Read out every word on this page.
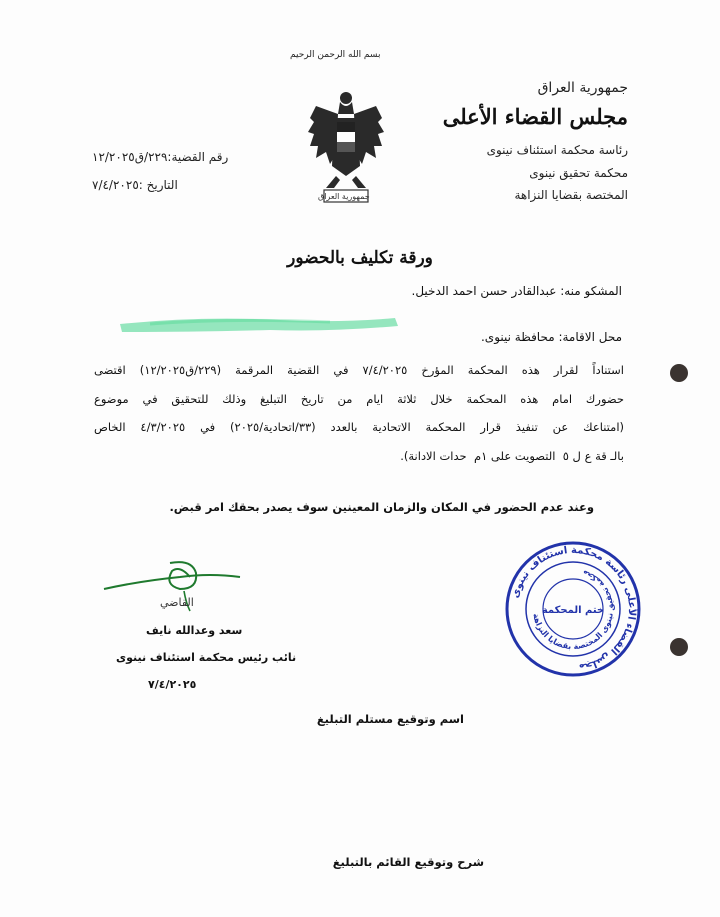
بسم الله الرحمن الرحيم
جمهورية العراق
مجلس القضاء الأعلى
رئاسة محكمة استئناف نينوى
محكمة تحقيق نينوى
المختصة بقضايا النزاهة
رقم القضية:٢٢٩/ق١٢/٢٠٢٥
التاريخ :٧/٤/٢٠٢٥
جمهورية العراق
ورقة تكليف بالحضور
المشكو منه: عبدالقادر حسن احمد الدخيل.
محل الاقامة: محافظة نينوى.
استناداً لقرار هذه المحكمة المؤرخ ٧/٤/٢٠٢٥ في القضية المرقمة (٢٢٩/ق١٢/٢٠٢٥) اقتضى
حضورك امام هذه المحكمة خلال ثلاثة ايام من تاريخ التبليغ وذلك للتحقيق في موضوع
(امتناعك عن تنفيذ قرار المحكمة الاتحادية بالعدد (٣٣/اتحادية/٢٠٢٥) في ٤/٣/٢٠٢٥ الخاص
بالـ قة ع ل ٥ ‍ التصويت على ١م ‍ حدات الادانة).
وعند عدم الحضور في المكان والزمان المعينين سوف يصدر بحقك امر قبض.
القاضي
سعد وعدالله نايف
نائب رئيس محكمة استئناف نينوى
٧/٤/٢٠٢٥
مجلس القضاء الأعلى رئاسة محكمة استئناف نينوى
محكمة تحقيق نينوى المختصة بقضايا النزاهة
ختم المحكمة
اسم وتوقيع مستلم التبليغ
شرح وتوقيع القائم بالتبليغ
